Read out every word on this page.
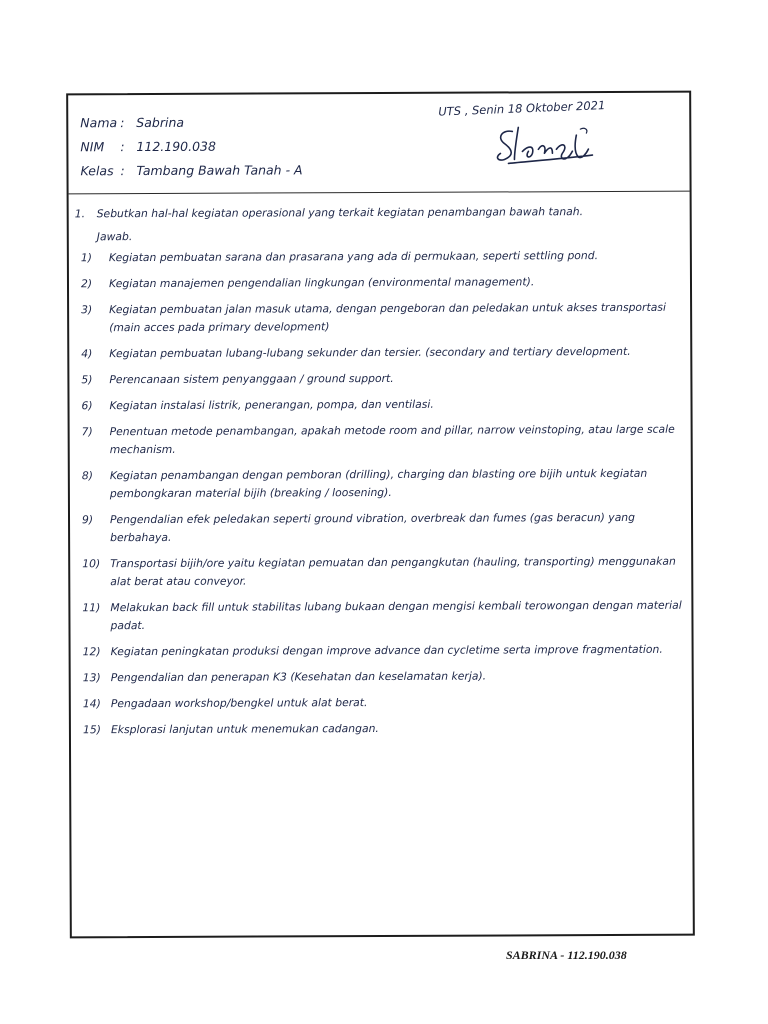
Nama : Sabrina
NIM	: 112.190.038
Kelas : Tambang Bawah Tanah - A
UTS , Senin 18 Oktober 2021
1.	Sebutkan hal-hal kegiatan operasional yang terkait kegiatan penambangan bawah tanah.
Jawab.
1)	Kegiatan pembuatan sarana dan prasarana yang ada di permukaan, seperti settling pond.
2)	Kegiatan manajemen pengendalian lingkungan (environmental management).
3)	Kegiatan pembuatan jalan masuk utama, dengan pengeboran dan peledakan untuk akses transportasi (main acces pada primary development)
4)	Kegiatan pembuatan lubang-lubang sekunder dan tersier. (secondary and tertiary development.
5)	Perencanaan sistem penyanggaan / ground support.
6)	Kegiatan instalasi listrik, penerangan, pompa, dan ventilasi.
7)	Penentuan metode penambangan, apakah metode room and pillar, narrow veinstoping, atau large scale mechanism.
8)	Kegiatan penambangan dengan pemboran (drilling), charging dan blasting ore bijih untuk kegiatan pembongkaran material bijih (breaking / loosening).
9)	Pengendalian efek peledakan seperti ground vibration, overbreak dan fumes (gas beracun) yang berbahaya.
10) Transportasi bijih/ore yaitu kegiatan pemuatan dan pengangkutan (hauling, transporting) menggunakan alat berat atau conveyor.
11) Melakukan back fill untuk stabilitas lubang bukaan dengan mengisi kembali terowongan dengan material padat.
12) Kegiatan peningkatan produksi dengan improve advance dan cycletime serta improve fragmentation.
13) Pengendalian dan penerapan K3 (Kesehatan dan keselamatan kerja).
14) Pengadaan workshop/bengkel untuk alat berat.
15) Eksplorasi lanjutan untuk menemukan cadangan.
SABRINA - 112.190.038
